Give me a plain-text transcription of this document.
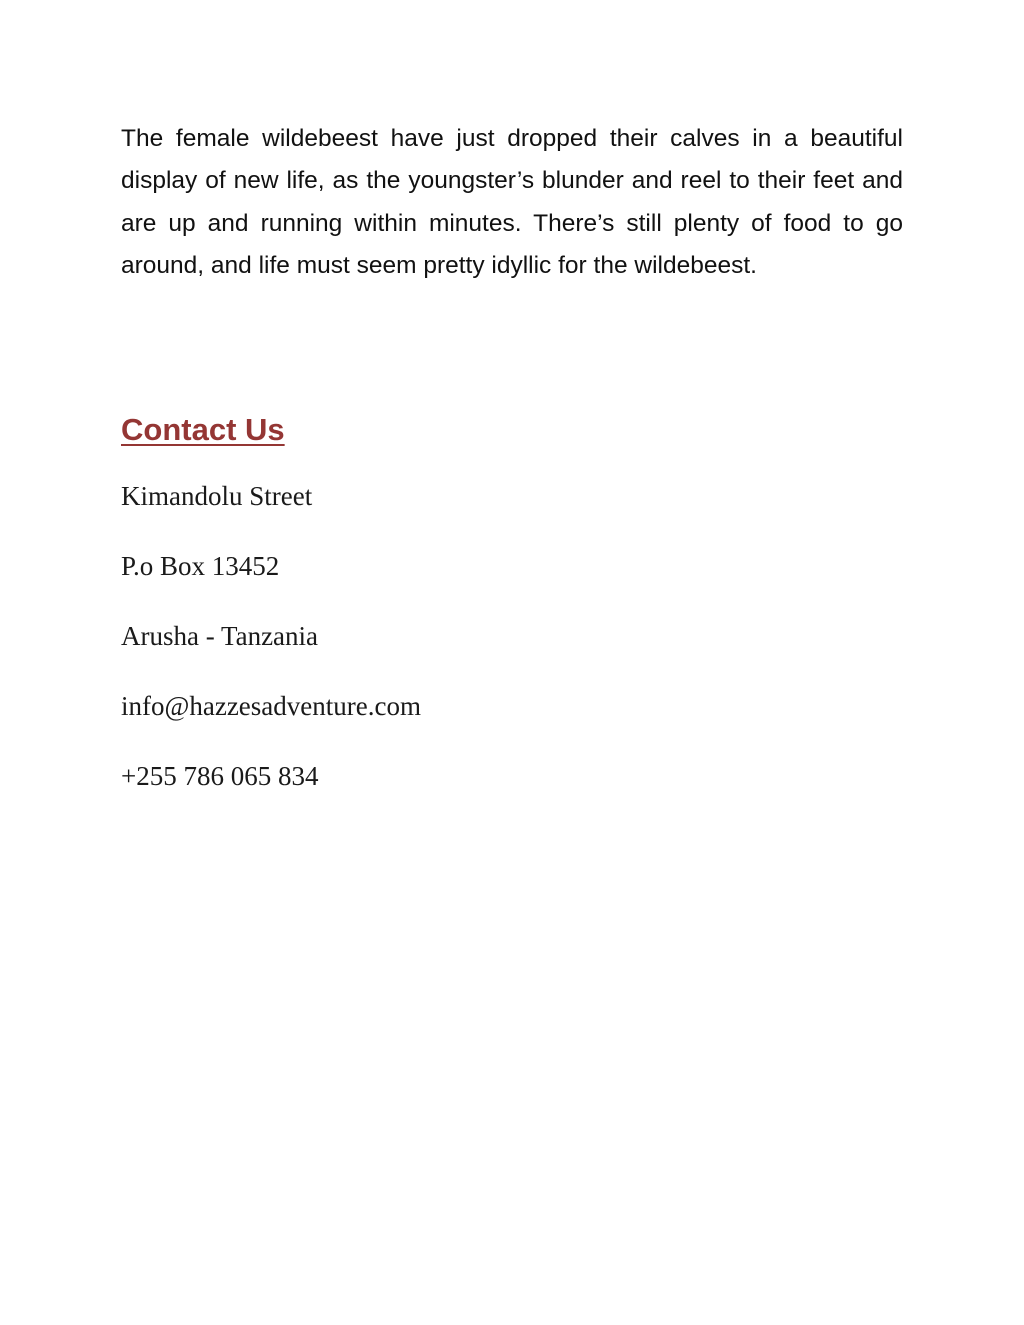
The female wildebeest have just dropped their calves in a beautiful display of new life, as the youngster’s blunder and reel to their feet and are up and running within minutes. There’s still plenty of food to go around, and life must seem pretty idyllic for the wildebeest.

Contact Us
Kimandolu Street
P.o Box 13452
Arusha - Tanzania
info@hazzesadventure.com
+255 786 065 834
